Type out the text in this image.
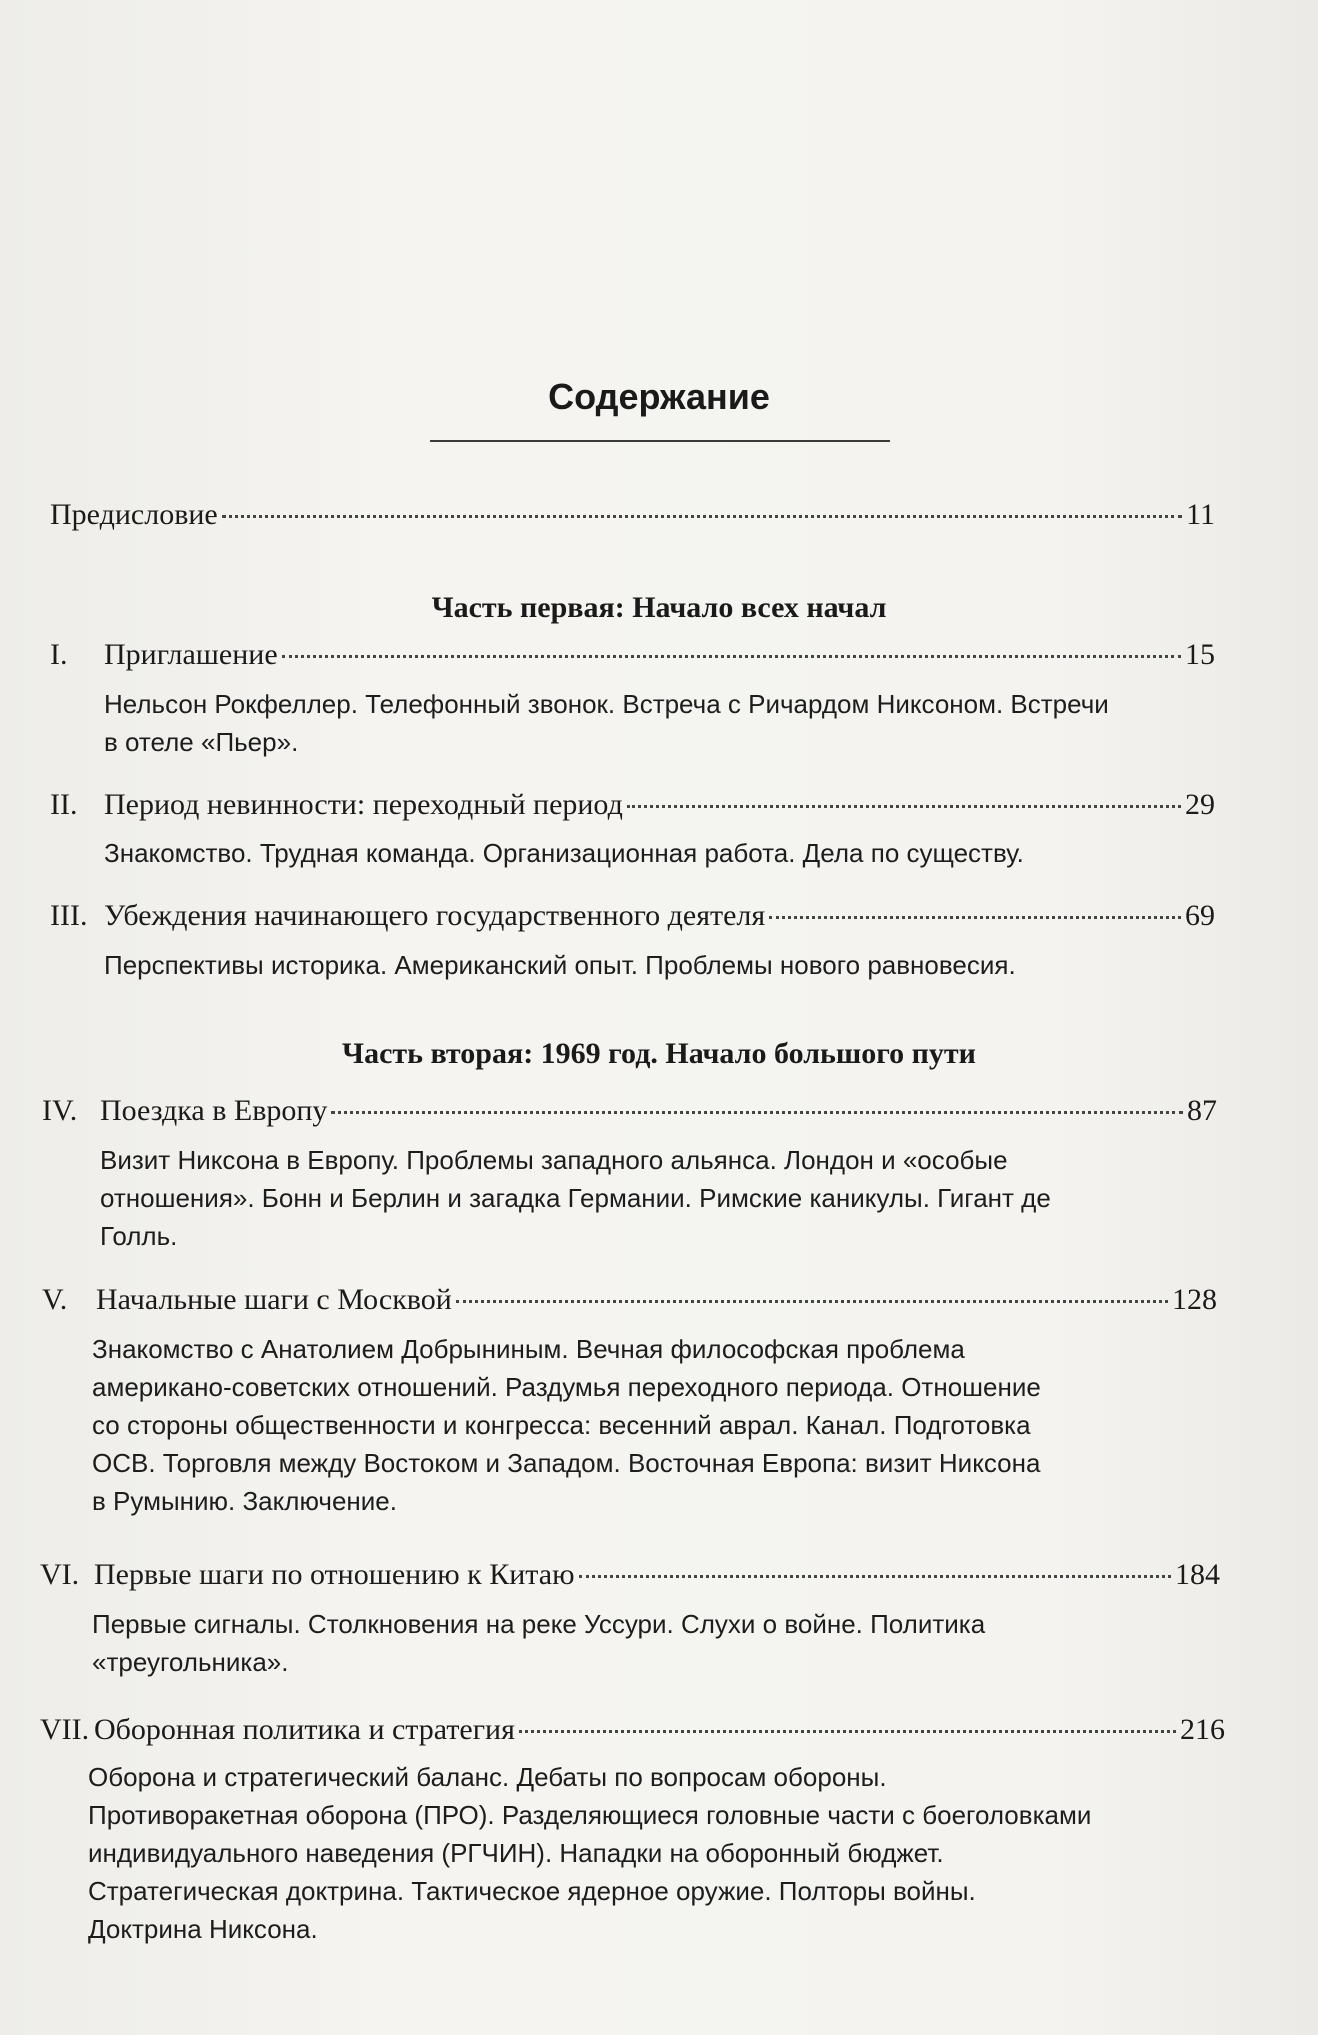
Содержание
Предисловие	11
Часть первая: Начало всех начал
I.	Приглашение	15
Нельсон Рокфеллер. Телефонный звонок. Встреча с Ричардом Никсоном. Встречи
в отеле «Пьер».
II. Период невинности: переходный период	29
Знакомство. Трудная команда. Организационная работа. Дела по существу.
III. Убеждения начинающего государственного деятеля	69
Перспективы историка. Американский опыт. Проблемы нового равновесия.
Часть вторая: 1969 год. Начало большого пути
IV. Поездка в Европу	87
Визит Никсона в Европу. Проблемы западного альянса. Лондон и «особые
отношения». Бонн и Берлин и загадка Германии. Римские каникулы. Гигант де
Голль.
V. Начальные шаги с Москвой	128
Знакомство с Анатолием Добрыниным. Вечная философская проблема
американо-советских отношений. Раздумья переходного периода. Отношение
со стороны общественности и конгресса: весенний аврал. Канал. Подготовка
ОСВ. Торговля между Востоком и Западом. Восточная Европа: визит Никсона
в Румынию. Заключение.
VI. Первые шаги по отношению к Китаю	184
Первые сигналы. Столкновения на реке Уссури. Слухи о войне. Политика
«треугольника».
VII. Оборонная политика и стратегия	216
Оборона и стратегический баланс. Дебаты по вопросам обороны.
Противоракетная оборона (ПРО). Разделяющиеся головные части с боеголовками
индивидуального наведения (РГЧИН). Нападки на оборонный бюджет.
Стратегическая доктрина. Тактическое ядерное оружие. Полторы войны.
Доктрина Никсона.
